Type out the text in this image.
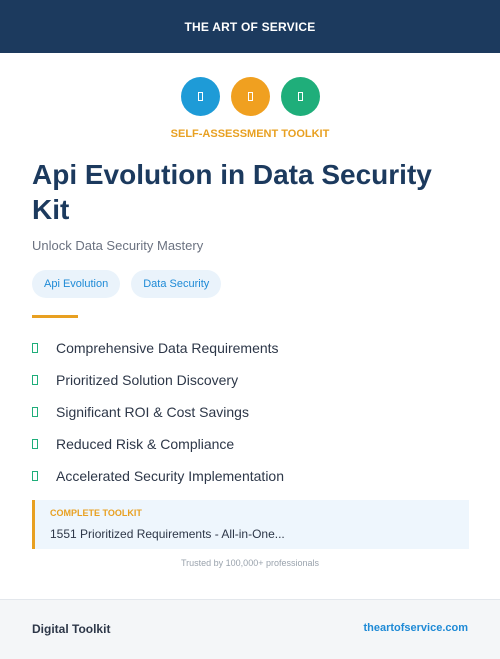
THE ART OF SERVICE
SELF-ASSESSMENT TOOLKIT
Api Evolution in Data Security Kit
Unlock Data Security Mastery
Api Evolution	Data Security
Comprehensive Data Requirements
Prioritized Solution Discovery
Significant ROI & Cost Savings
Reduced Risk & Compliance
Accelerated Security Implementation
COMPLETE TOOLKIT
1551 Prioritized Requirements - All-in-One...
Trusted by 100,000+ professionals
Digital Toolkit	theartofservice.com
